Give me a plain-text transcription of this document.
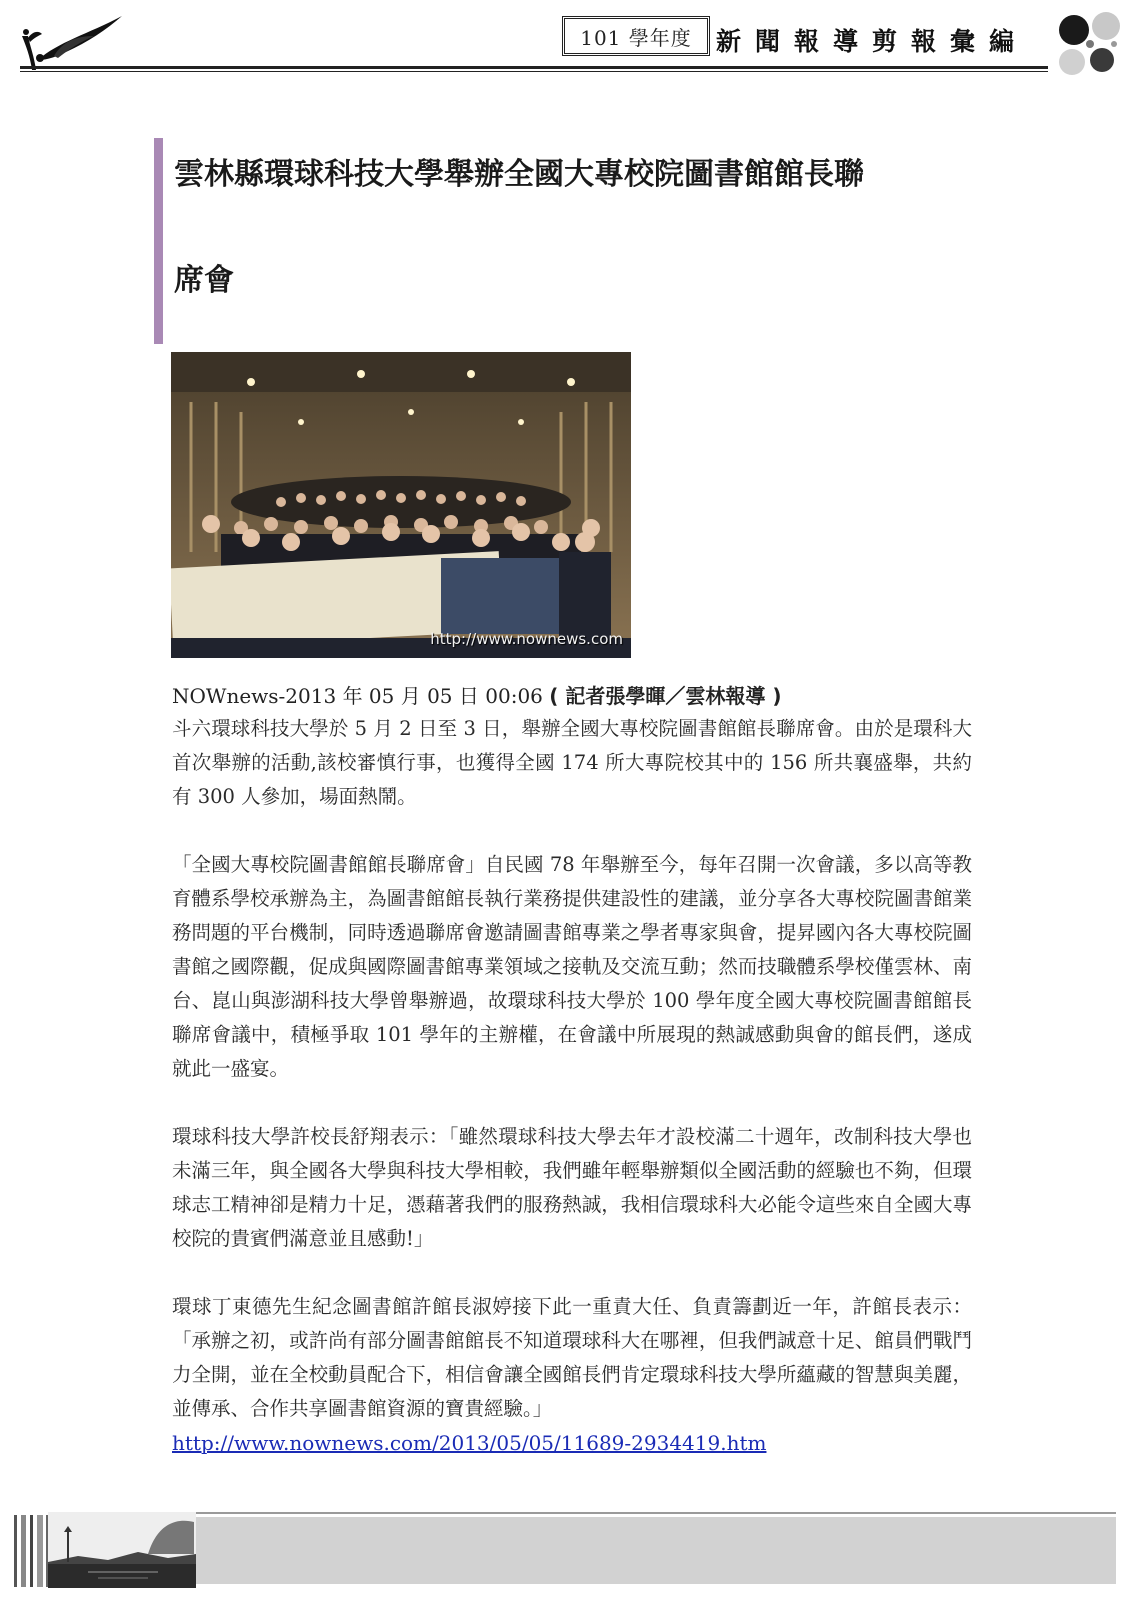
101 學年度 新聞報導剪報彙編
雲林縣環球科技大學舉辦全國大專校院圖書館館長聯
席會
http://www.nownews.com
NOWnews-2013 年 05 月 05 日 00:06 ( 記者張學暉／雲林報導 )

斗六環球科技大學於 5 月 2 日至 3 日，舉辦全國大專校院圖書館館長聯席會。由於是環科大首次舉辦的活動,該校審慎行事，也獲得全國 174 所大專院校其中的 156 所共襄盛舉，共約有 300 人參加，場面熱鬧。

「全國大專校院圖書館館長聯席會」自民國 78 年舉辦至今，每年召開一次會議，多以高等教育體系學校承辦為主，為圖書館館長執行業務提供建設性的建議，並分享各大專校院圖書館業務問題的平台機制，同時透過聯席會邀請圖書館專業之學者專家與會，提昇國內各大專校院圖書館之國際觀，促成與國際圖書館專業領域之接軌及交流互動；然而技職體系學校僅雲林、南台、崑山與澎湖科技大學曾舉辦過，故環球科技大學於 100 學年度全國大專校院圖書館館長聯席會議中，積極爭取 101 學年的主辦權，在會議中所展現的熱誠感動與會的館長們，遂成就此一盛宴。

環球科技大學許校長舒翔表示：「雖然環球科技大學去年才設校滿二十週年，改制科技大學也未滿三年，與全國各大學與科技大學相較，我們雖年輕舉辦類似全國活動的經驗也不夠，但環球志工精神卻是精力十足，憑藉著我們的服務熱誠，我相信環球科大必能令這些來自全國大專校院的貴賓們滿意並且感動!」

環球丁東德先生紀念圖書館許館長淑婷接下此一重責大任、負責籌劃近一年，許館長表示：「承辦之初，或許尚有部分圖書館館長不知道環球科大在哪裡，但我們誠意十足、館員們戰鬥力全開，並在全校動員配合下，相信會讓全國館長們肯定環球科技大學所蘊藏的智慧與美麗，並傳承、合作共享圖書館資源的寶貴經驗。」

http://www.nownews.com/2013/05/05/11689-2934419.htm
